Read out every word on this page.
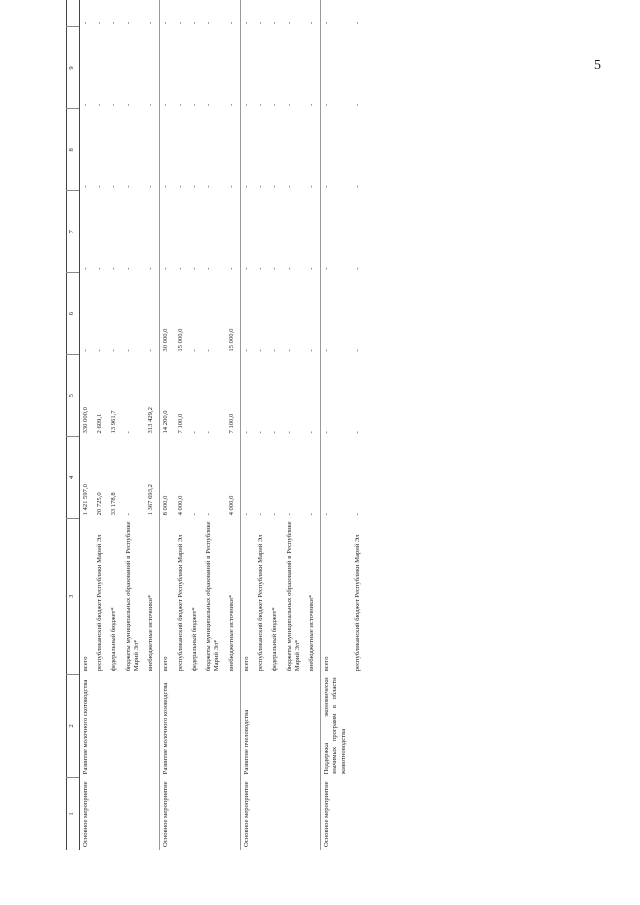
5
1	2	3	4	5	6	7	8	9	
Основное мероприятие	Развитие молочного скотоводства	всего	1 421 597,0	330 000,0	-	-	-	-	-
		республиканский бюджет Республики Марий Эл	20 725,0	2 609,1	-	-	-	-	-
		федеральный бюджет*	33 178,8	13 961,7	-	-	-	-	-
		бюджеты муниципальных образований в Республике Марий Эл*	-	-	-	-	-	-	-
		внебюджетные источники*	1 367 693,2	313 429,2	-	-	-	-	-
Основное мероприятие	Развитие молочного козоводства	всего	8 000,0	14 200,0	30 000,0	-	-	-	-
		республиканский бюджет Республики Марий Эл	4 000,0	7 100,0	15 000,0	-	-	-	-
		федеральный бюджет*	-	-	-	-	-	-	-
		бюджеты муниципальных образований в Республике Марий Эл*	-	-	-	-	-	-	-
		внебюджетные источники*	4 000,0	7 100,0	15 000,0	-	-	-	-
Основное мероприятие	Развитие пчеловодства	всего	-	-	-	-	-	-	-
		республиканский бюджет Республики Марий Эл	-	-	-	-	-	-	-
		федеральный бюджет*	-	-	-	-	-	-	-
		бюджеты муниципальных образований в Республике Марий Эл*	-	-	-	-	-	-	-
		внебюджетные источники*	-	-	-	-	-	-	-
Основное мероприятие	Поддержка экономически значимых программ в области животноводства	всего	-	-	-	-	-	-	-
		республиканский бюджет Республики Марий Эл	-	-	-	-	-	-	-
